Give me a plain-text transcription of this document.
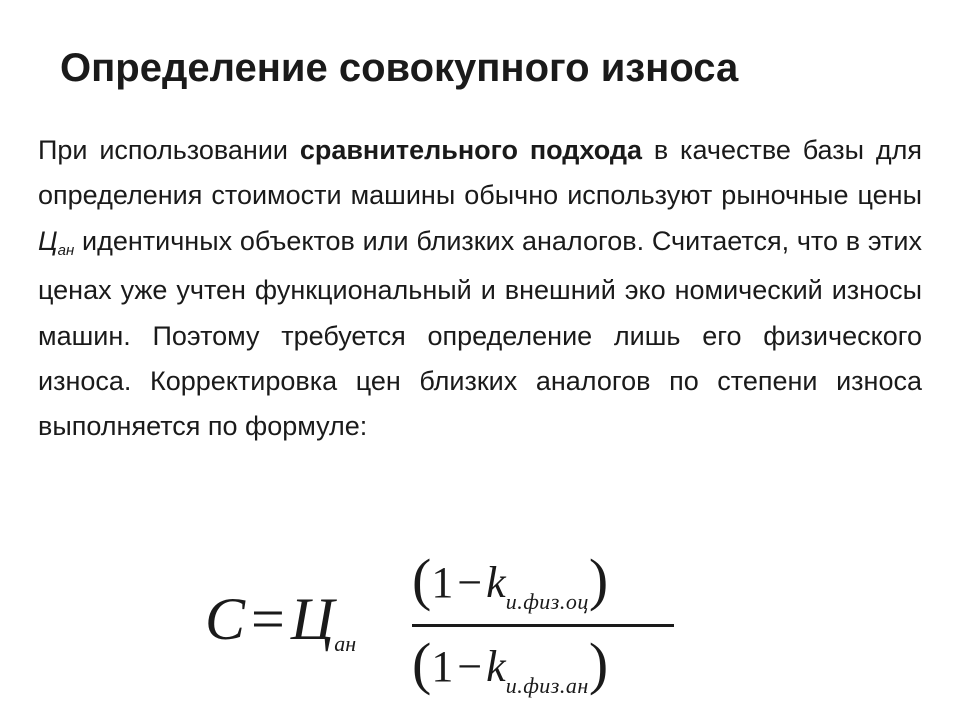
Определение совокупного износа

При использовании сравнительного подхода в качестве базы для определения стоимости машины обычно используют рыночные цены $Ц_{ан}$ идентичных объектов или близких аналогов. Считается, что в этих ценах уже учтен функциональный и внешний эко номический износы машин. Поэтому требуется определение лишь его физического износа. Корректировка цен близких аналогов по степени износа выполняется по формуле:

$C = Ц_{ан}$
$(1-k_{и.физ.оц})$
$(1-k_{и.физ.ан})$
